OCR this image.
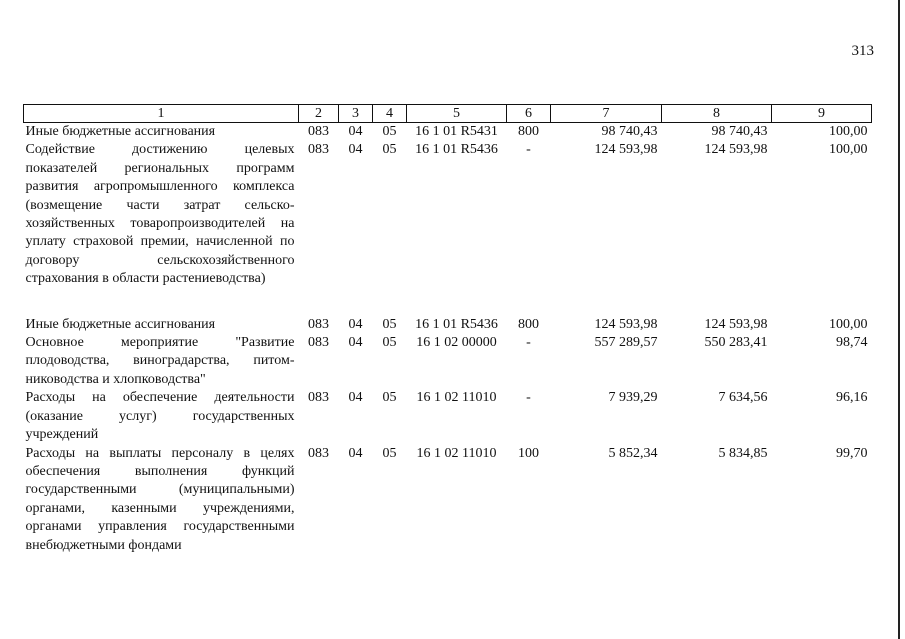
313
1	2	3	4	5	6	7	8	9
Иные бюджетные ассигнования	083	04	05	16 1 01 R5431	800	98 740,43	98 740,43	100,00
Содействие достижению целевых показателей региональных программ развития агропромышленного комплекса (возмещение части затрат сельско-хозяйственных товаропроизводителей на уплату страховой премии, начисленной по договору сельскохозяйственного страхования в области растениеводства)	083	04	05	16 1 01 R5436	-	124 593,98	124 593,98	100,00

Иные бюджетные ассигнования	083	04	05	16 1 01 R5436	800	124 593,98	124 593,98	100,00
Основное мероприятие "Развитие плодоводства, виноградарства, питом-ниководства и хлопководства"	083	04	05	16 1 02 00000	-	557 289,57	550 283,41	98,74
Расходы на обеспечение деятельности (оказание услуг) государственных учреждений	083	04	05	16 1 02 11010	-	7 939,29	7 634,56	96,16
Расходы на выплаты персоналу в целях обеспечения выполнения функций государственными (муниципальными) органами, казенными учреждениями, органами управления государственными внебюджетными фондами	083	04	05	16 1 02 11010	100	5 852,34	5 834,85	99,70
